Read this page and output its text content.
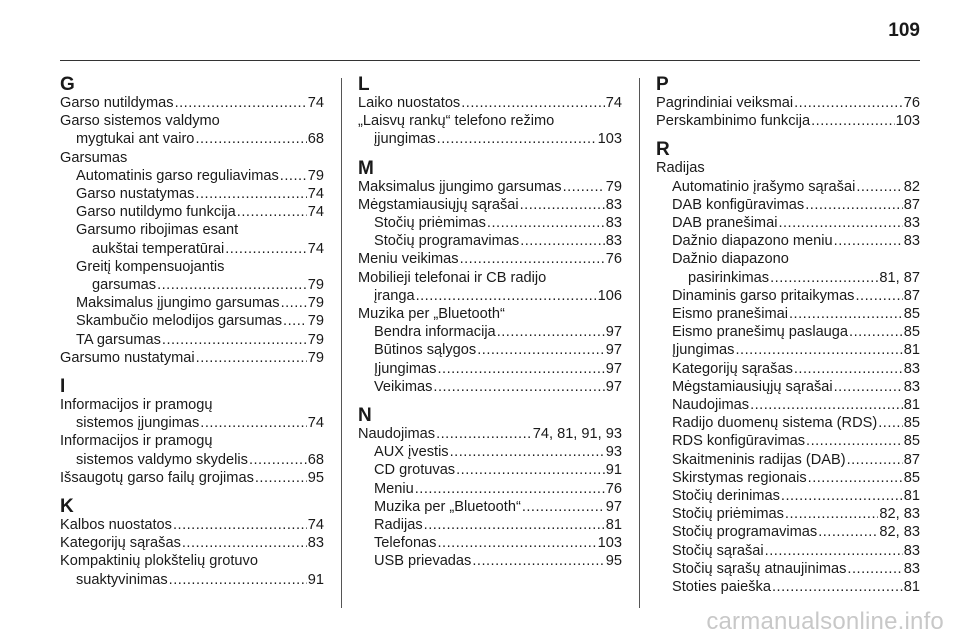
109
G
Garso nutildymas .....	74
Garso sistemos valdymo
mygtukai ant vairo .....	68
Garsumas
Automatinis garso reguliavimas ..... 79
Garso nustatymas .....	74
Garso nutildymo funkcija .....	74
Garsumo ribojimas esant
aukštai temperatūrai .....	74
Greitį kompensuojantis
garsumas .....	79
Maksimalus įjungimo garsumas ..... 79
Skambučio melodijos garsumas ..... 79
TA garsumas .....	79
Garsumo nustatymai .....	79
I
Informacijos ir pramogų
sistemos įjungimas .....	74
Informacijos ir pramogų
sistemos valdymo skydelis .....	68
Išsaugotų garso failų grojimas .....	95
K
Kalbos nuostatos .....	74
Kategorijų sąrašas .....	83
Kompaktinių plokštelių grotuvo
suaktyvinimas .....	91
L
Laiko nuostatos .....	74
„Laisvų rankų“ telefono režimo
įjungimas .....	103
M
Maksimalus įjungimo garsumas .....	79
Mėgstamiausiųjų sąrašai .....	83
Stočių priėmimas .....	83
Stočių programavimas .....	83
Meniu veikimas .....	76
Mobilieji telefonai ir CB radijo
įranga .....	106
Muzika per „Bluetooth“
Bendra informacija .....	97
Būtinos sąlygos .....	97
Įjungimas .....	97
Veikimas .....	97
N
Naudojimas .....	74, 81, 91, 93
AUX įvestis .....	93
CD grotuvas .....	91
Meniu .....	76
Muzika per „Bluetooth“ .....	97
Radijas .....	81
Telefonas .....	103
USB prievadas .....	95
P
Pagrindiniai veiksmai .....	76
Perskambinimo funkcija .....	103
R
Radijas
Automatinio įrašymo sąrašai .....	82
DAB konfigūravimas .....	87
DAB pranešimai .....	83
Dažnio diapazono meniu .....	83
Dažnio diapazono
pasirinkimas .....	81, 87
Dinaminis garso pritaikymas .....	87
Eismo pranešimai .....	85
Eismo pranešimų paslauga .....	85
Įjungimas .....	81
Kategorijų sąrašas .....	83
Mėgstamiausiųjų sąrašai .....	83
Naudojimas .....	81
Radijo duomenų sistema (RDS) ..... 85
RDS konfigūravimas .....	85
Skaitmeninis radijas (DAB) .....	87
Skirstymas regionais .....	85
Stočių derinimas .....	81
Stočių priėmimas .....	82, 83
Stočių programavimas .....	82, 83
Stočių sąrašai .....	83
Stočių sąrašų atnaujinimas .....	83
Stoties paieška .....	81
carmanualsonline.info
